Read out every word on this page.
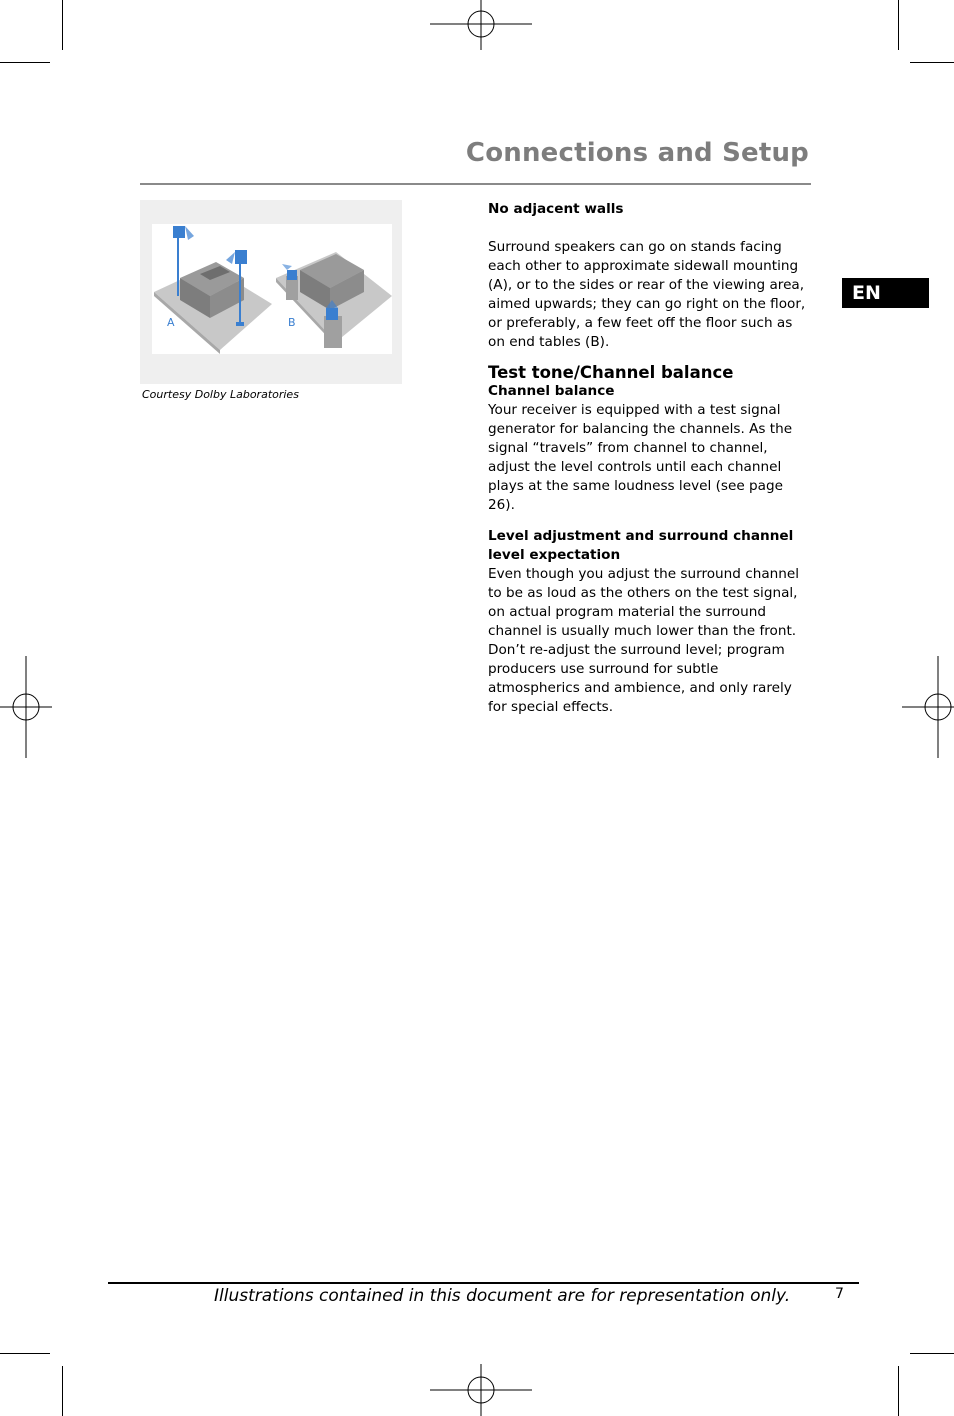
Connections and Setup
EN
A	B
Courtesy Dolby Laboratories

No adjacent walls

Surround speakers can go on stands facing each other to approximate sidewall mounting (A), or to the sides or rear of the viewing area, aimed upwards; they can go right on the floor, or preferably, a few feet off the floor such as on end tables (B).

Test tone/Channel balance

Channel balance

Your receiver is equipped with a test signal generator for balancing the channels. As the signal “travels” from channel to channel, adjust the level controls until each channel plays at the same loudness level (see page 26).

Level adjustment and surround channel level expectation

Even though you adjust the surround channel to be as loud as the others on the test signal, on actual program material the surround channel is usually much lower than the front. Don’t re-adjust the surround level; program producers use surround for subtle atmospherics and ambience, and only rarely for special effects.

Illustrations contained in this document are for representation only.	7
